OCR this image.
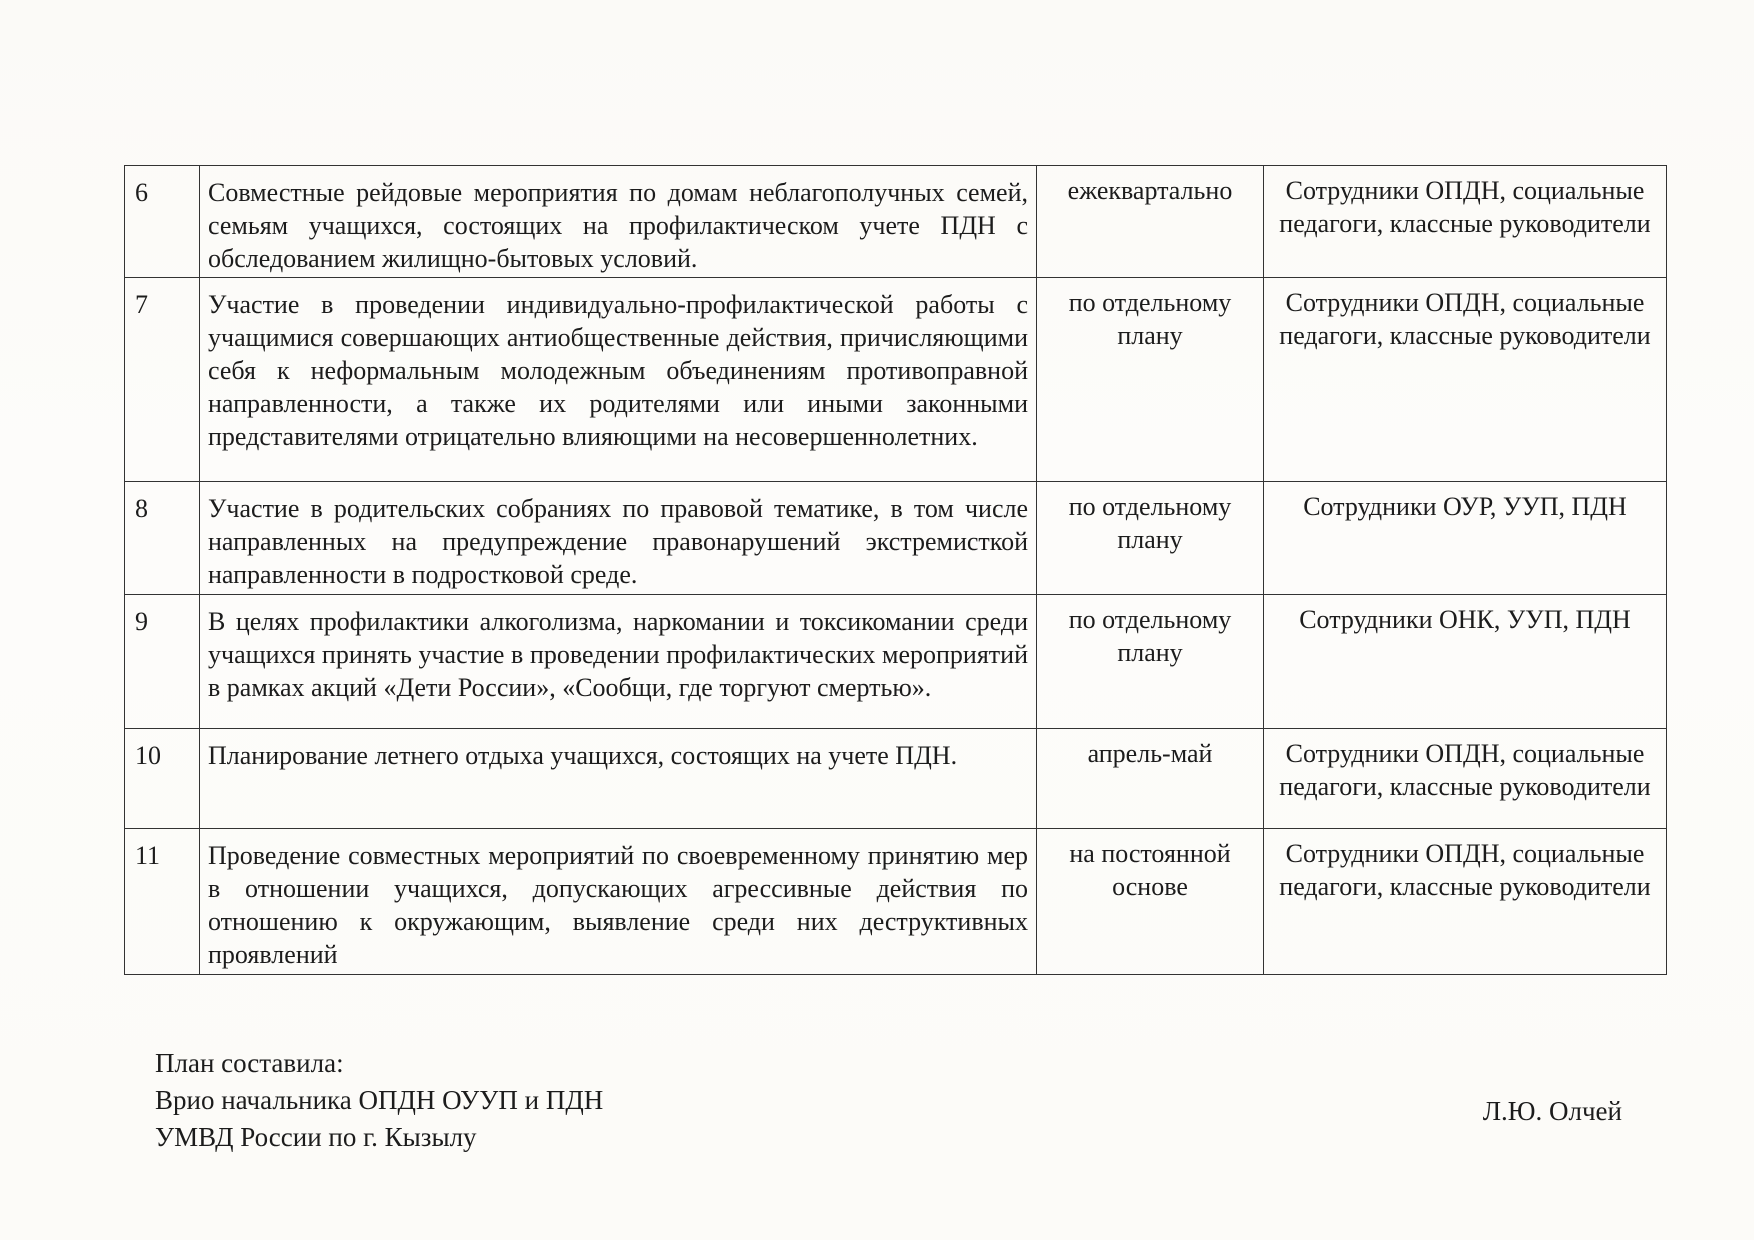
6	Совместные рейдовые мероприятия по домам неблагополучных семей, семьям учащихся, состоящих на профилактическом учете ПДН с обследованием жилищно-бытовых условий.	ежеквартально	Сотрудники ОПДН, социальные педагоги, классные руководители
7	Участие в проведении индивидуально-профилактической работы с учащимися совершающих антиобщественные действия, причисляющими себя к неформальным молодежным объединениям противоправной направленности, а также их родителями или иными законными представителями отрицательно влияющими на несовершеннолетних.	по отдельному плану	Сотрудники ОПДН, социальные педагоги, классные руководители
8	Участие в родительских собраниях по правовой тематике, в том числе направленных на предупреждение правонарушений экстремисткой направленности в подростковой среде.	по отдельному плану	Сотрудники ОУР, УУП, ПДН
9	В целях профилактики алкоголизма, наркомании и токсикомании среди учащихся принять участие в проведении профилактических мероприятий в рамках акций «Дети России», «Сообщи, где торгуют смертью».	по отдельному плану	Сотрудники ОНК, УУП, ПДН
10	Планирование летнего отдыха учащихся, состоящих на учете ПДН.	апрель-май	Сотрудники ОПДН, социальные педагоги, классные руководители
11	Проведение совместных мероприятий по своевременному принятию мер в отношении учащихся, допускающих агрессивные действия по отношению к окружающим, выявление среди них деструктивных проявлений	на постоянной основе	Сотрудники ОПДН, социальные педагоги, классные руководители
План составила:
Врио начальника ОПДН ОУУП и ПДН
УМВД России по г. Кызылу
Л.Ю. Олчей
